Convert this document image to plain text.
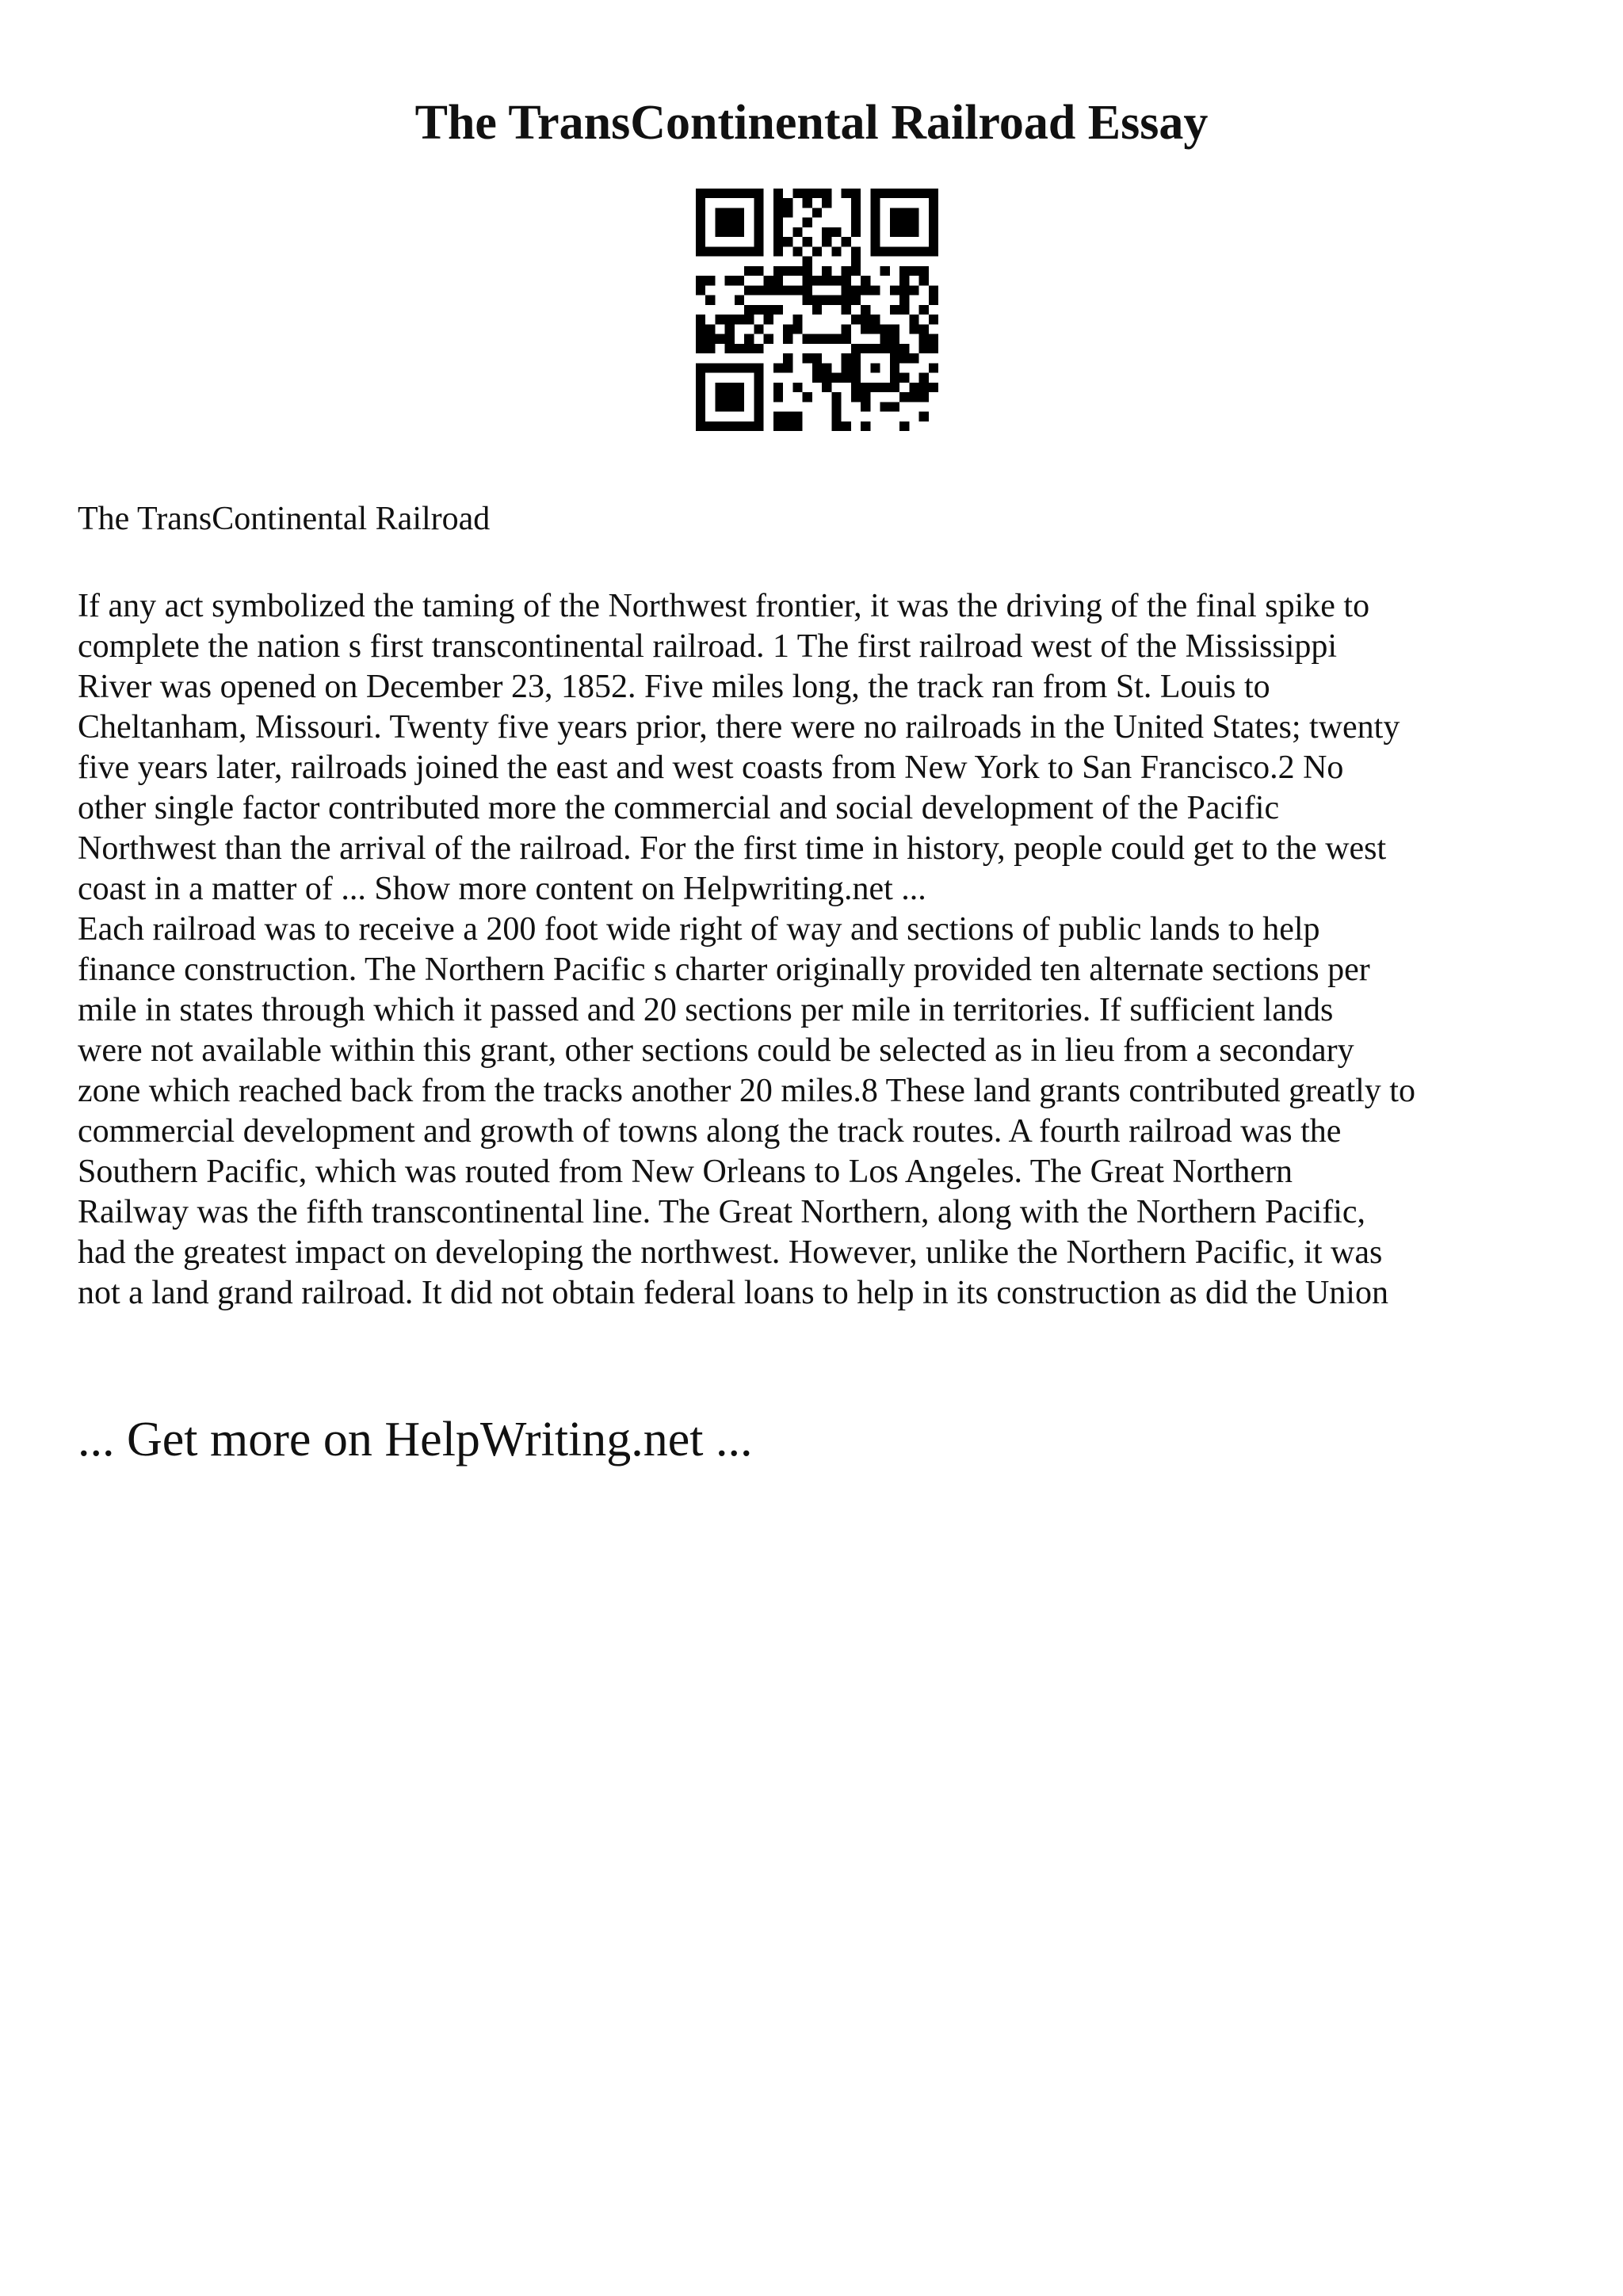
The TransContinental Railroad Essay

The TransContinental Railroad

If any act symbolized the taming of the Northwest frontier, it was the driving of the final spike to
complete the nation s first transcontinental railroad. 1 The first railroad west of the Mississippi
River was opened on December 23, 1852. Five miles long, the track ran from St. Louis to
Cheltanham, Missouri. Twenty five years prior, there were no railroads in the United States; twenty
five years later, railroads joined the east and west coasts from New York to San Francisco.2 No
other single factor contributed more the commercial and social development of the Pacific
Northwest than the arrival of the railroad. For the first time in history, people could get to the west
coast in a matter of ... Show more content on Helpwriting.net ...

Each railroad was to receive a 200 foot wide right of way and sections of public lands to help
finance construction. The Northern Pacific s charter originally provided ten alternate sections per
mile in states through which it passed and 20 sections per mile in territories. If sufficient lands
were not available within this grant, other sections could be selected as in lieu from a secondary
zone which reached back from the tracks another 20 miles.8 These land grants contributed greatly to
commercial development and growth of towns along the track routes. A fourth railroad was the
Southern Pacific, which was routed from New Orleans to Los Angeles. The Great Northern
Railway was the fifth transcontinental line. The Great Northern, along with the Northern Pacific,
had the greatest impact on developing the northwest. However, unlike the Northern Pacific, it was
not a land grand railroad. It did not obtain federal loans to help in its construction as did the Union

... Get more on HelpWriting.net ...
